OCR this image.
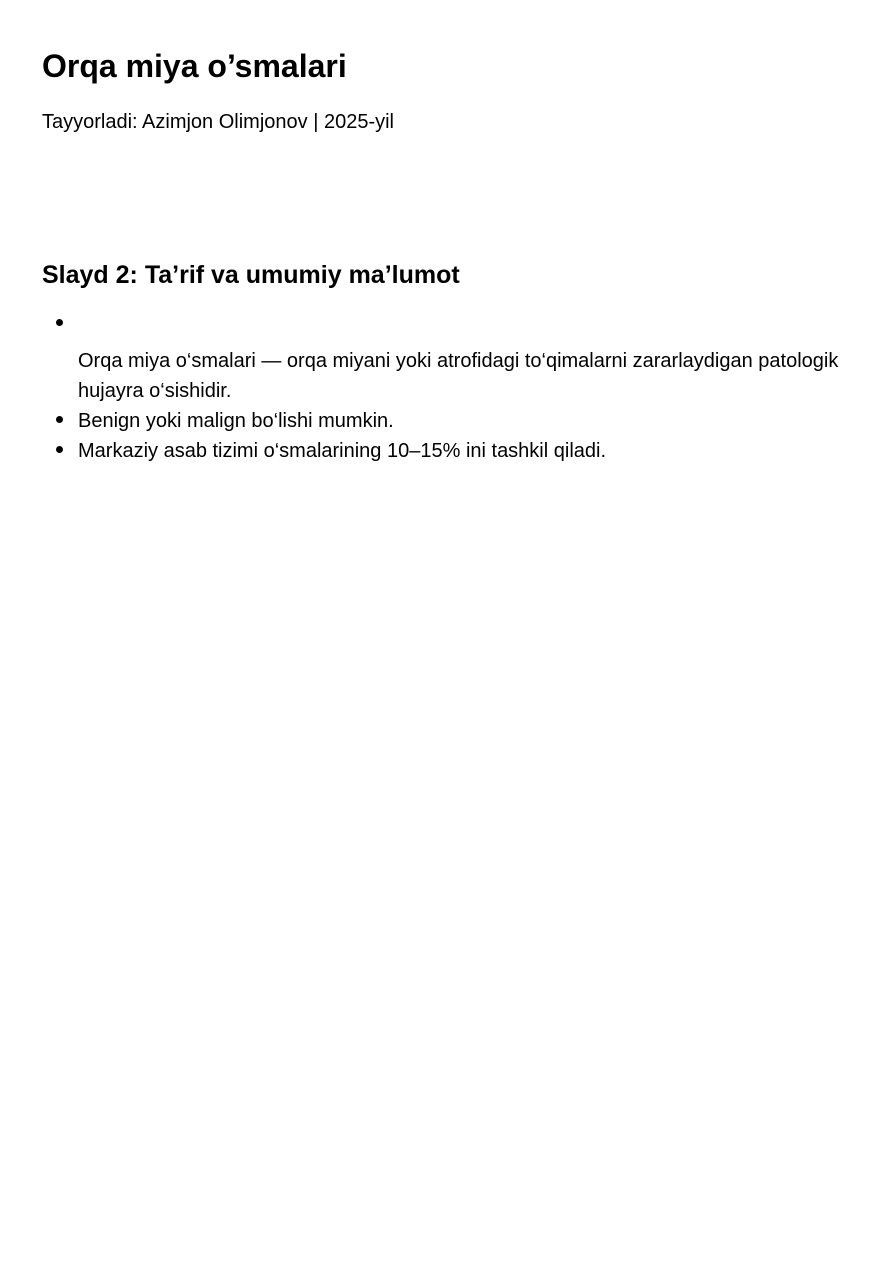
Orqa miya o’smalari

Tayyorladi: Azimjon Olimjonov | 2025-yil

Slayd 2: Ta’rif va umumiy ma’lumot
Orqa miya o‘smalari — orqa miyani yoki atrofidagi to‘qimalarni zararlaydigan patologik hujayra o‘sishidir.
Benign yoki malign bo‘lishi mumkin.
Markaziy asab tizimi o‘smalarining 10–15% ini tashkil qiladi.
